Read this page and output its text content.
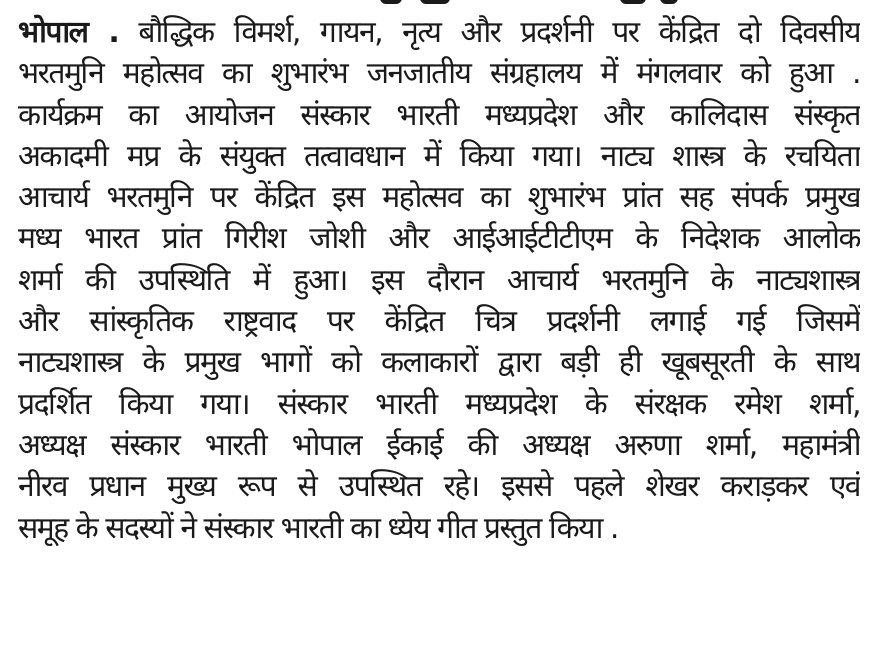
भोपाल . बौद्धिक विमर्श, गायन, नृत्य और प्रदर्शनी पर केंद्रित दो दिवसीय
भरतमुनि महोत्सव का शुभारंभ जनजातीय संग्रहालय में मंगलवार को हुआ .
कार्यक्रम का आयोजन संस्कार भारती मध्यप्रदेश और कालिदास संस्कृत
अकादमी मप्र के संयुक्त तत्वावधान में किया गया। नाट्य शास्त्र के रचयिता
आचार्य भरतमुनि पर केंद्रित इस महोत्सव का शुभारंभ प्रांत सह संपर्क प्रमुख
मध्य भारत प्रांत गिरीश जोशी और आईआईटीटीएम के निदेशक आलोक
शर्मा की उपस्थिति में हुआ। इस दौरान आचार्य भरतमुनि के नाट्यशास्त्र
और सांस्कृतिक राष्ट्रवाद पर केंद्रित चित्र प्रदर्शनी लगाई गई जिसमें
नाट्यशास्त्र के प्रमुख भागों को कलाकारों द्वारा बड़ी ही खूबसूरती के साथ
प्रदर्शित किया गया। संस्कार भारती मध्यप्रदेश के संरक्षक रमेश शर्मा,
अध्यक्ष संस्कार भारती भोपाल ईकाई की अध्यक्ष अरुणा शर्मा, महामंत्री
नीरव प्रधान मुख्य रूप से उपस्थित रहे। इससे पहले शेखर कराड़कर एवं
समूह के सदस्यों ने संस्कार भारती का ध्येय गीत प्रस्तुत किया .
